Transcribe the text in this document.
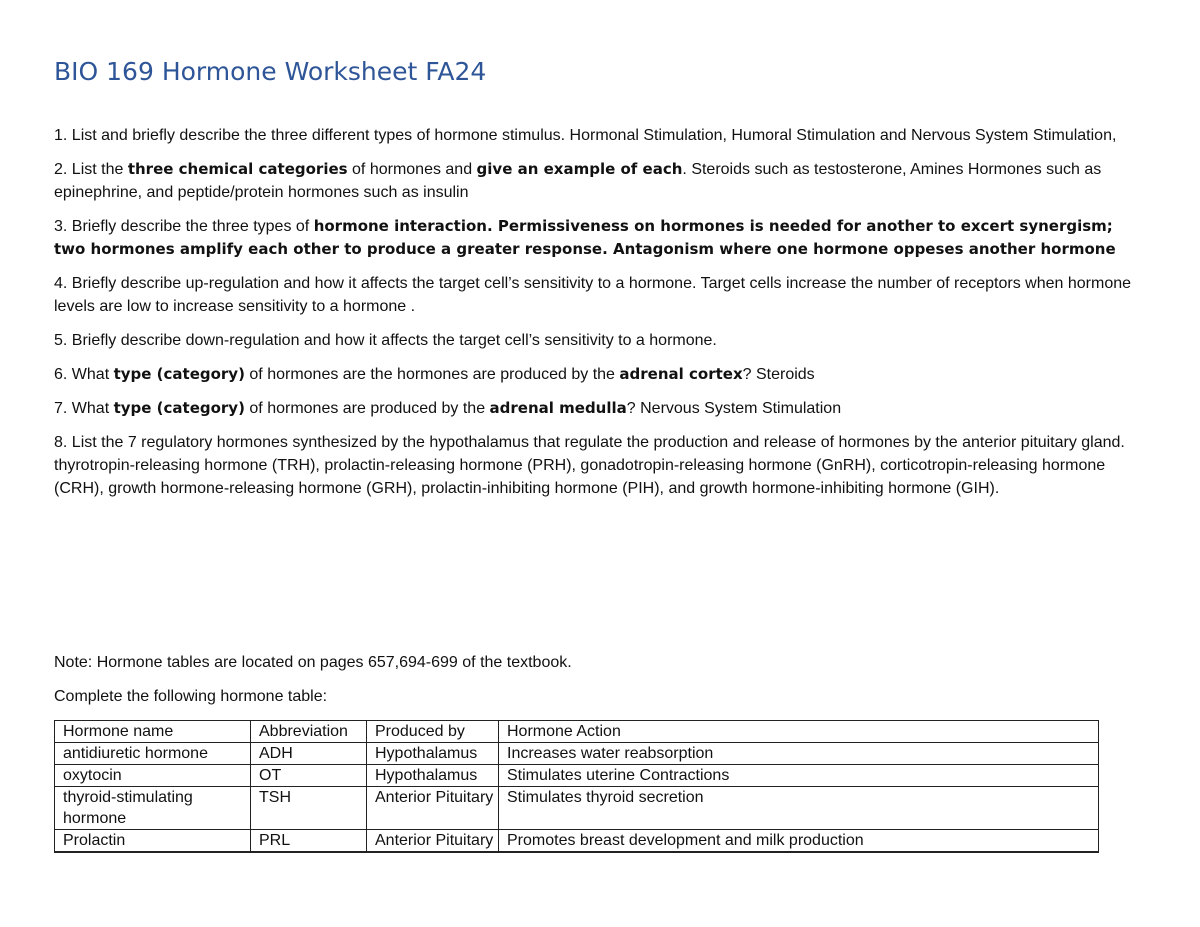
BIO 169 Hormone Worksheet FA24

1. List and briefly describe the three different types of hormone stimulus. Hormonal Stimulation, Humoral Stimulation and Nervous System Stimulation,

2. List the three chemical categories of hormones and give an example of each. Steroids such as testosterone, Amines Hormones such as epinephrine, and peptide/protein hormones such as insulin

3. Briefly describe the three types of hormone interaction. Permissiveness on hormones is needed for another to excert synergism; two hormones amplify each other to produce a greater response. Antagonism where one hormone oppeses another hormone

4. Briefly describe up-regulation and how it affects the target cell’s sensitivity to a hormone. Target cells increase the number of receptors when hormone levels are low to increase sensitivity to a hormone .

5. Briefly describe down-regulation and how it affects the target cell’s sensitivity to a hormone.

6. What type (category) of hormones are the hormones are produced by the adrenal cortex? Steroids

7. What type (category) of hormones are produced by the adrenal medulla? Nervous System Stimulation

8. List the 7 regulatory hormones synthesized by the hypothalamus that regulate the production and release of hormones by the anterior pituitary gland. thyrotropin-releasing hormone (TRH), prolactin-releasing hormone (PRH), gonadotropin-releasing hormone (GnRH), corticotropin-releasing hormone (CRH), growth hormone-releasing hormone (GRH), prolactin-inhibiting hormone (PIH), and growth hormone-inhibiting hormone (GIH).

Note: Hormone tables are located on pages 657,694-699 of the textbook.

Complete the following hormone table:

Hormone name	Abbreviation	Produced by	Hormone Action
antidiuretic hormone	ADH	Hypothalamus	Increases water reabsorption
oxytocin	OT	Hypothalamus	Stimulates uterine Contractions
thyroid-stimulating hormone	TSH	Anterior Pituitary	Stimulates thyroid secretion
Prolactin	PRL	Anterior Pituitary	Promotes breast development and milk production
